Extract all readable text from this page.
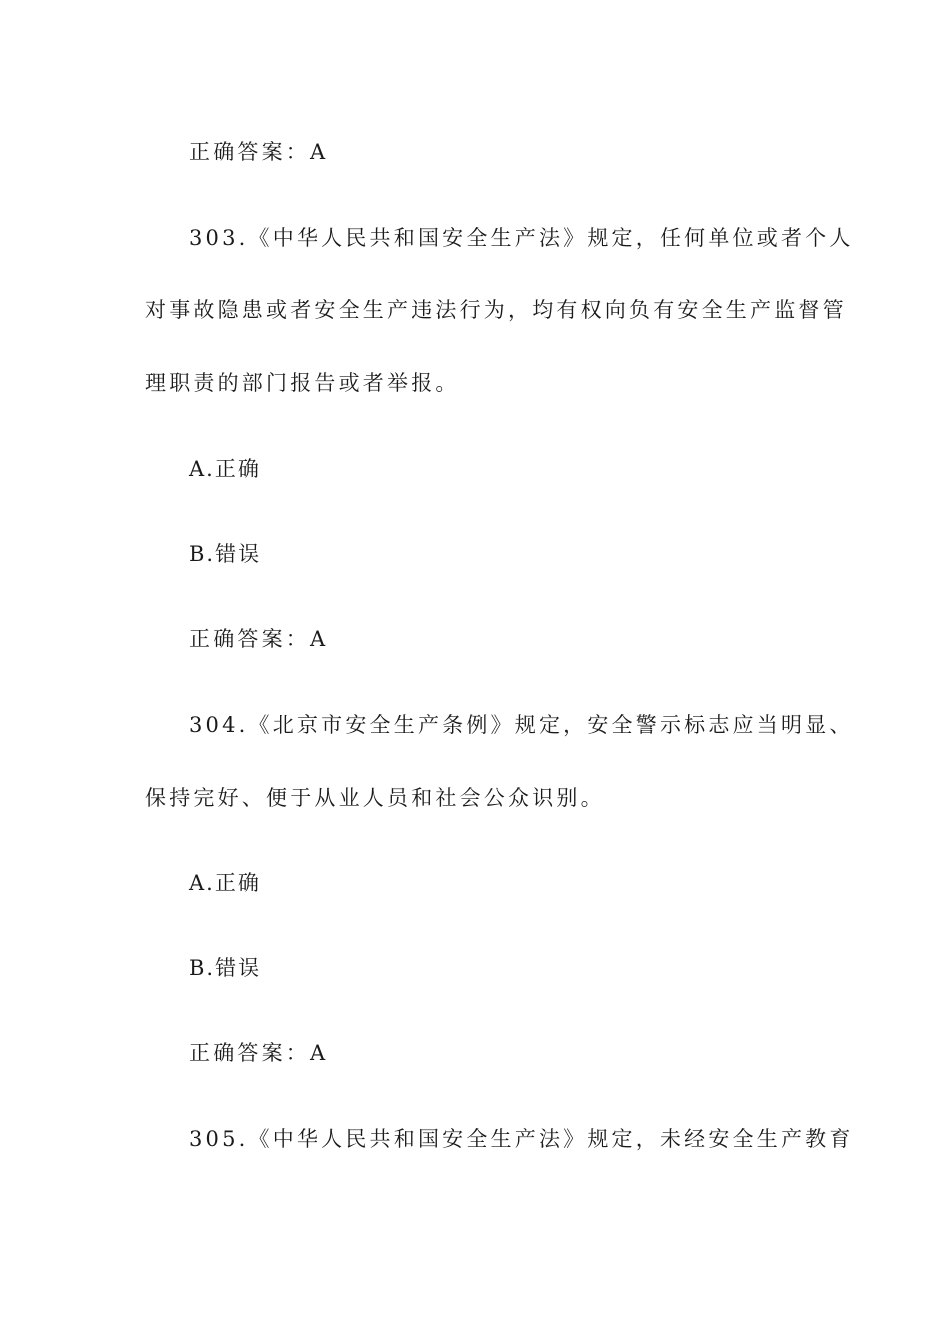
正确答案：A
303.《中华人民共和国安全生产法》规定，任何单位或者个人
对事故隐患或者安全生产违法行为，均有权向负有安全生产监督管
理职责的部门报告或者举报。
A.正确
B.错误
正确答案：A
304.《北京市安全生产条例》规定，安全警示标志应当明显、
保持完好、便于从业人员和社会公众识别。
A.正确
B.错误
正确答案：A
305.《中华人民共和国安全生产法》规定，未经安全生产教育
